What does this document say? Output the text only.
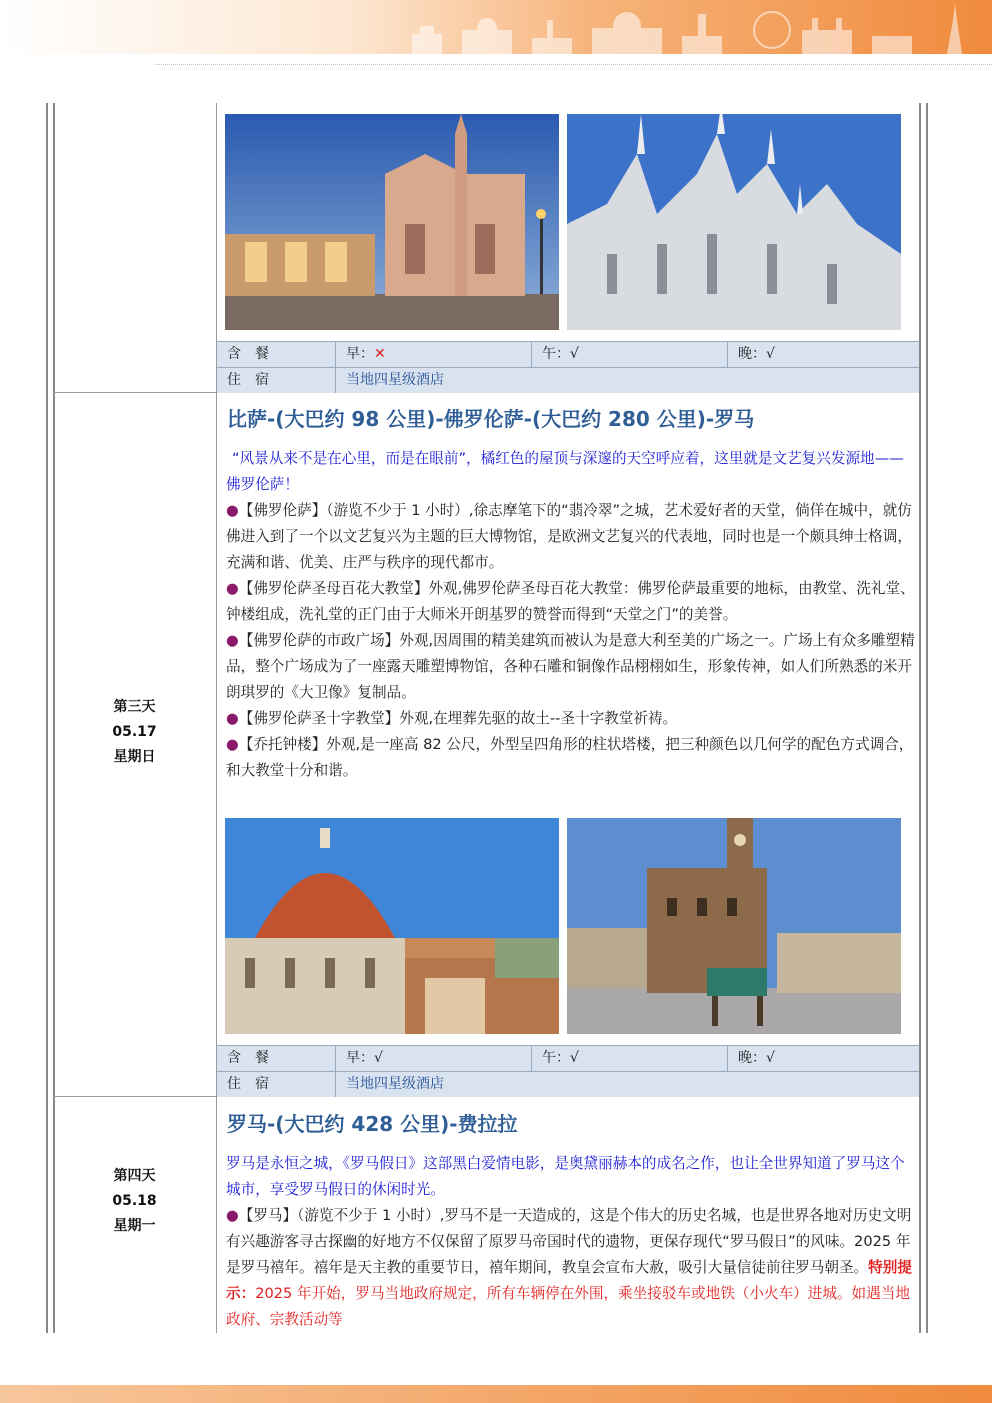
含餐	早：✕	午：√	晚：√
住宿	当地四星级酒店
第三天
05.17
星期日
比萨-(大巴约 98 公里)-佛罗伦萨-(大巴约 280 公里)-罗马

“风景从来不是在心里，而是在眼前”，橘红色的屋顶与深邃的天空呼应着，这里就是文艺复兴发源地——佛罗伦萨！

●【佛罗伦萨】（游览不少于 1 小时）,徐志摩笔下的“翡冷翠”之城，艺术爱好者的天堂，倘佯在城中，就仿佛进入到了一个以文艺复兴为主题的巨大博物馆，是欧洲文艺复兴的代表地，同时也是一个颇具绅士格调，充满和谐、优美、庄严与秩序的现代都市。

●【佛罗伦萨圣母百花大教堂】外观,佛罗伦萨圣母百花大教堂：佛罗伦萨最重要的地标，由教堂、洗礼堂、钟楼组成，洗礼堂的正门由于大师米开朗基罗的赞誉而得到“天堂之门”的美誉。

●【佛罗伦萨的市政广场】外观,因周围的精美建筑而被认为是意大利至美的广场之一。广场上有众多雕塑精品，整个广场成为了一座露天雕塑博物馆，各种石雕和铜像作品栩栩如生，形象传神，如人们所熟悉的米开朗琪罗的《大卫像》复制品。

●【佛罗伦萨圣十字教堂】外观,在埋葬先驱的故土--圣十字教堂祈祷。

●【乔托钟楼】外观,是一座高 82 公尺，外型呈四角形的柱状塔楼，把三种颜色以几何学的配色方式调合，和大教堂十分和谐。

含餐	早：√	午：√	晚：√
住宿	当地四星级酒店
第四天
05.18
星期一
罗马-(大巴约 428 公里)-费拉拉

罗马是永恒之城，《罗马假日》这部黑白爱情电影，是奥黛丽赫本的成名之作，也让全世界知道了罗马这个城市，享受罗马假日的休闲时光。

●【罗马】（游览不少于 1 小时）,罗马不是一天造成的，这是个伟大的历史名城，也是世界各地对历史文明有兴趣游客寻古探幽的好地方不仅保留了原罗马帝国时代的遗物，更保存现代“罗马假日”的风味。2025 年是罗马禧年。禧年是天主教的重要节日，禧年期间，教皇会宣布大赦，吸引大量信徒前往罗马朝圣。特别提示：2025 年开始，罗马当地政府规定，所有车辆停在外围，乘坐接驳车或地铁（小火车）进城。如遇当地政府、宗教活动等
